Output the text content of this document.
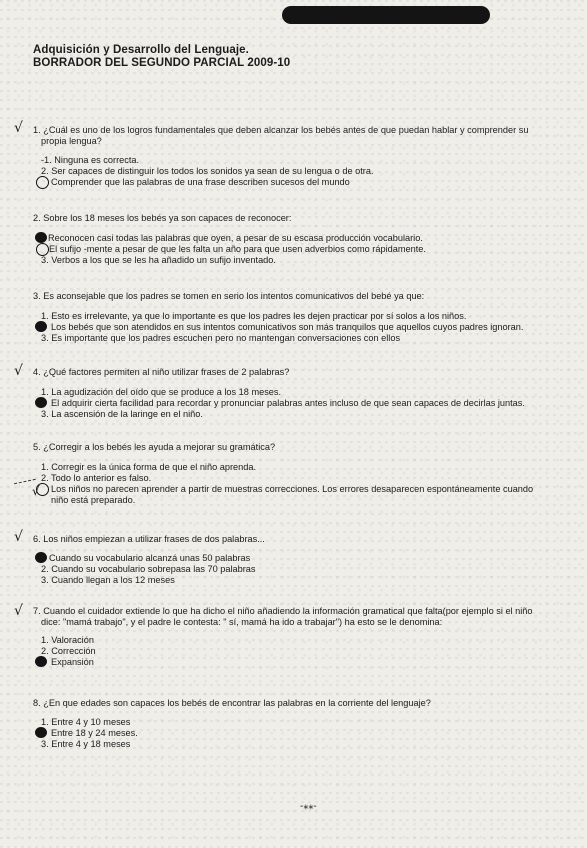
Adquisición y Desarrollo del Lenguaje.
BORRADOR DEL SEGUNDO PARCIAL 2009-10
√ 1. ¿Cuál es uno de los logros fundamentales que deben alcanzar los bebés antes de que puedan hablar y comprender su
propia lengua?
-1. Ninguna es correcta.
2. Ser capaces de distinguir los todos los sonidos ya sean de su lengua o de otra.
Comprender que las palabras de una frase describen sucesos del mundo
2. Sobre los 18 meses los bebés ya son capaces de reconocer:
Reconocen casi todas las palabras que oyen, a pesar de su escasa producción vocabulario.
El sufijo -mente a pesar de que les falta un año para que usen adverbios como rápidamente.
3. Verbos a los que se les ha añadido un sufijo inventado.
3. Es aconsejable que los padres se tomen en serio los intentos comunicativos del bebé ya que:
1. Esto es irrelevante, ya que lo importante es que los padres les dejen practicar por sí solos a los niños.
Los bebés que son atendidos en sus intentos comunicativos son más tranquilos que aquellos cuyos padres ignoran.
3. Es importante que los padres escuchen pero no mantengan conversaciones con ellos
√ 4. ¿Qué factores permiten al niño utilizar frases de 2 palabras?
1. La agudización del oído que se produce a los 18 meses.
El adquirir cierta facilidad para recordar y pronunciar palabras antes incluso de que sean capaces de decirlas juntas.
3. La ascensión de la laringe en el niño.
5. ¿Corregir a los bebés les ayuda a mejorar su gramática?
1. Corregir es la única forma de que el niño aprenda.
2. Todo lo anterior es falso.
Los niños no parecen aprender a partir de muestras correcciones. Los errores desaparecen espontáneamente cuando
niño está preparado.
√
√ 6. Los niños empiezan a utilizar frases de dos palabras...
Cuando su vocabulario alcanzá unas 50 palabras
2. Cuando su vocabulario sobrepasa las 70 palabras
3. Cuando llegan a los 12 meses
√ 7. Cuando el cuidador extiende lo que ha dicho el niño añadiendo la información gramatical que falta(por ejemplo si el niño
dice: "mamá trabajo", y el padre le contesta: " sí, mamá ha ido a trabajar") ha esto se le denomina:
1. Valoración
2. Corrección
Expansión
8. ¿En que edades son capaces los bebés de encontrar las palabras en la corriente del lenguaje?
1. Entre 4 y 10 meses
Entre 18 y 24 meses.
3. Entre 4 y 18 meses
-⁎⁎-
